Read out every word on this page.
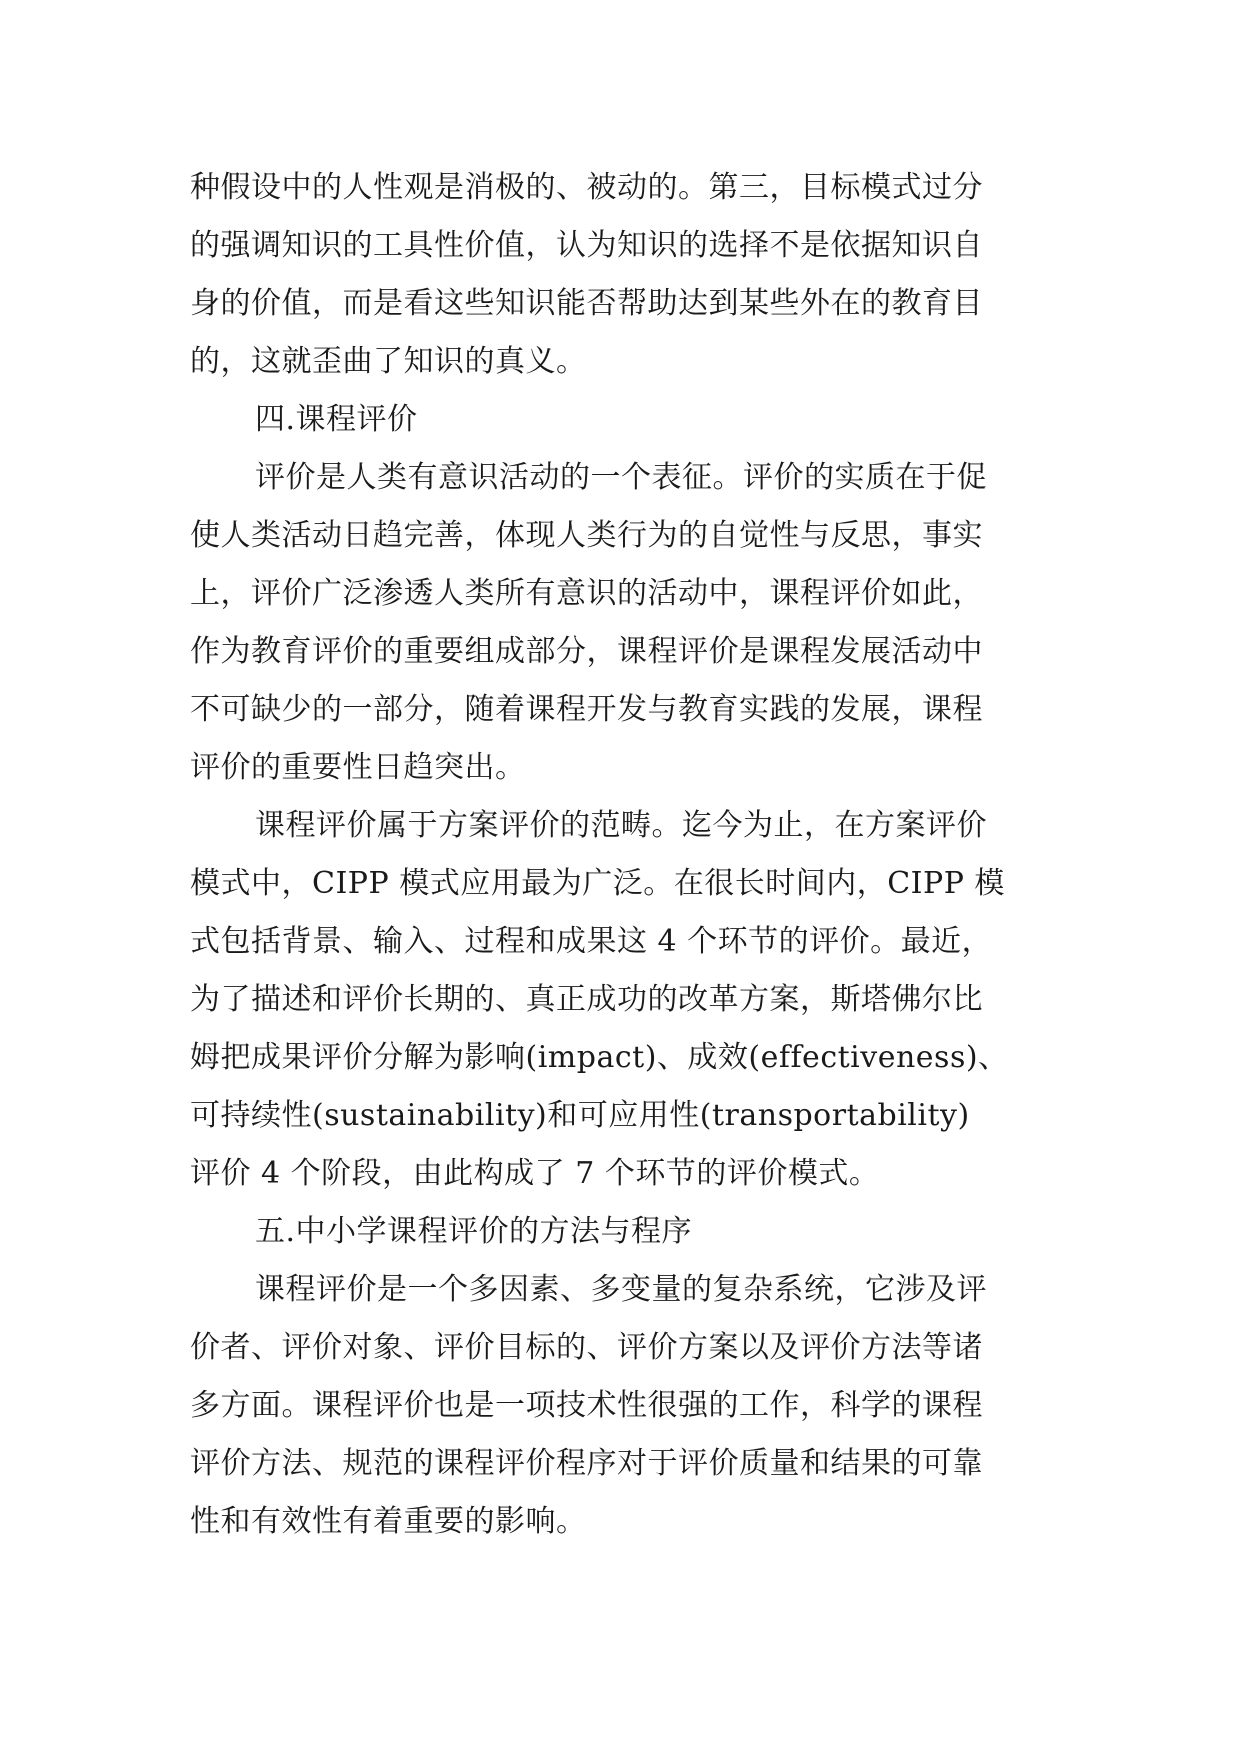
种假设中的人性观是消极的、被动的。第三，目标模式过分

的强调知识的工具性价值，认为知识的选择不是依据知识自

身的价值，而是看这些知识能否帮助达到某些外在的教育目

的，这就歪曲了知识的真义。

四.课程评价

评价是人类有意识活动的一个表征。评价的实质在于促

使人类活动日趋完善，体现人类行为的自觉性与反思，事实

上，评价广泛渗透人类所有意识的活动中，课程评价如此，

作为教育评价的重要组成部分，课程评价是课程发展活动中

不可缺少的一部分，随着课程开发与教育实践的发展，课程

评价的重要性日趋突出。

课程评价属于方案评价的范畴。迄今为止，在方案评价

模式中，CIPP 模式应用最为广泛。在很长时间内，CIPP 模

式包括背景、输入、过程和成果这 4 个环节的评价。最近，

为了描述和评价长期的、真正成功的改革方案，斯塔佛尔比

姆把成果评价分解为影响(impact)、成效(effectiveness)、

可持续性(sustainability)和可应用性(transportability)

评价 4 个阶段，由此构成了 7 个环节的评价模式。

五.中小学课程评价的方法与程序

课程评价是一个多因素、多变量的复杂系统，它涉及评

价者、评价对象、评价目标的、评价方案以及评价方法等诸

多方面。课程评价也是一项技术性很强的工作，科学的课程

评价方法、规范的课程评价程序对于评价质量和结果的可靠

性和有效性有着重要的影响。
